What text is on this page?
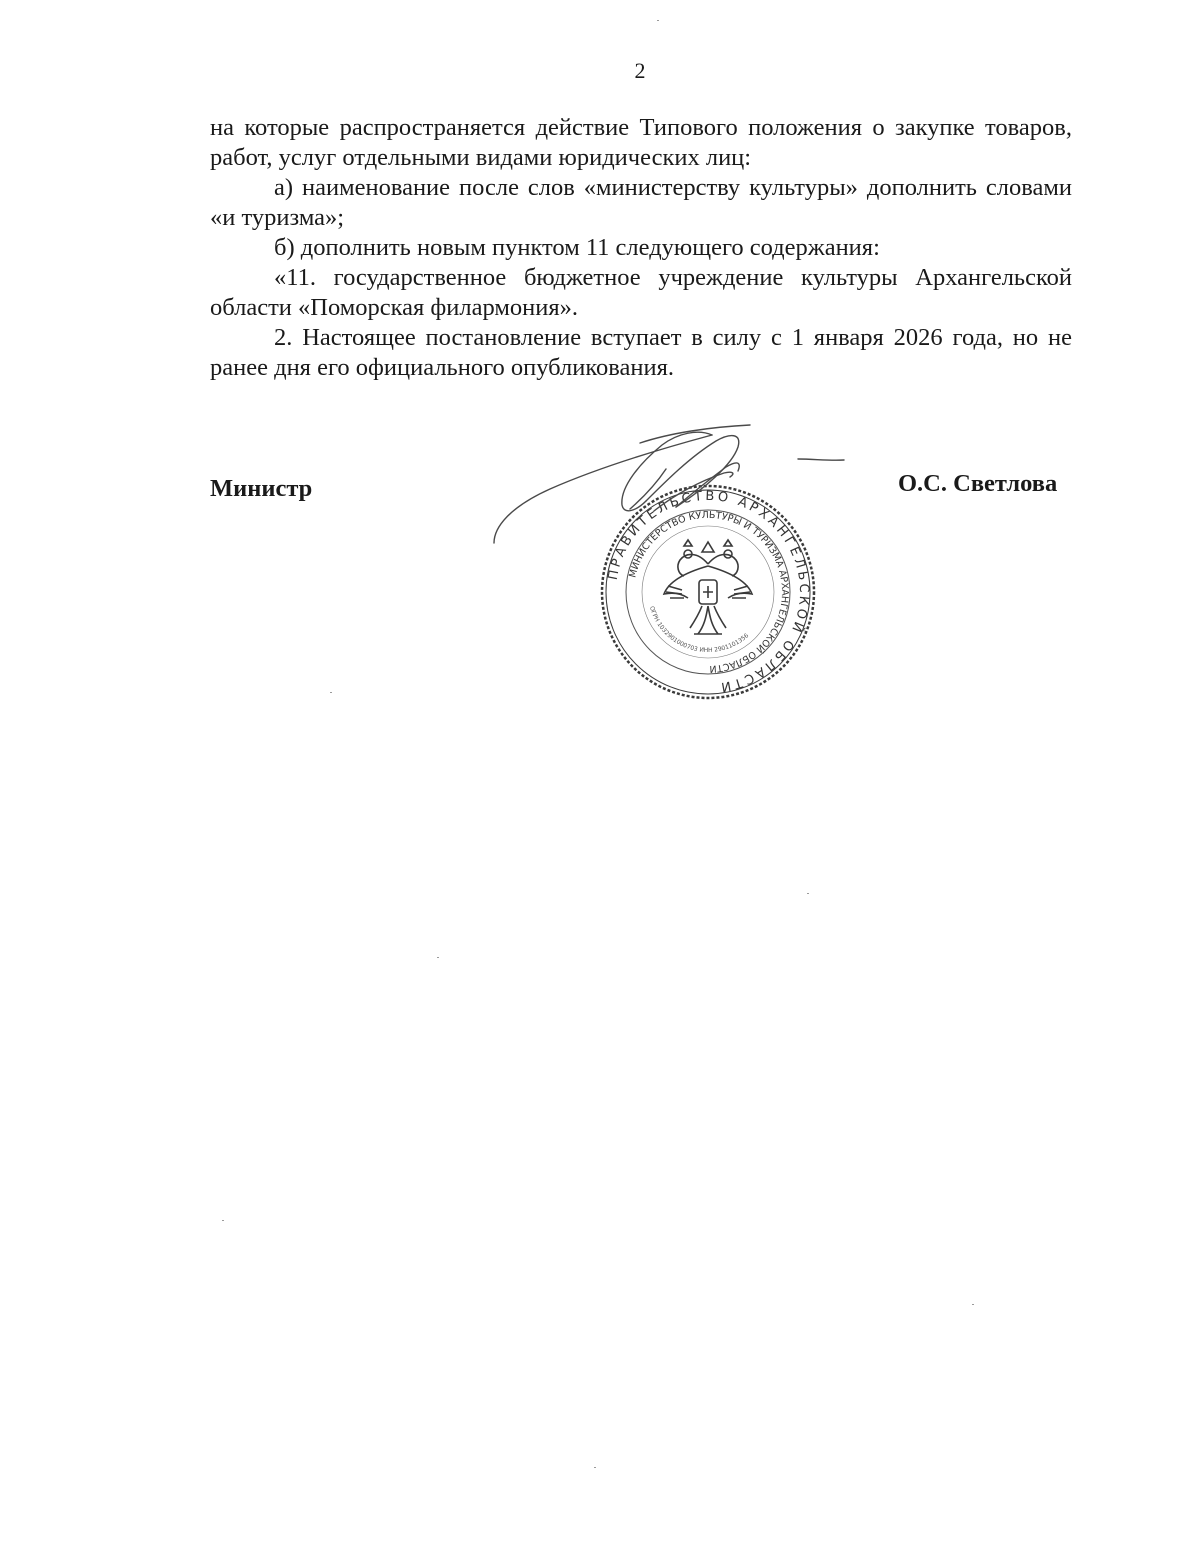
2

на которые распространяется действие Типового положения о закупке товаров, работ, услуг отдельными видами юридических лиц:

а) наименование после слов «министерству культуры» дополнить словами «и туризма»;

б) дополнить новым пунктом 11 следующего содержания:

«11. государственное бюджетное учреждение культуры Архангельской области «Поморская филармония».

2. Настоящее постановление вступает в силу с 1 января 2026 года, но не ранее дня его официального опубликования.

Министр	О.С. Светлова
ПРАВИТЕЛЬСТВО АРХАНГЕЛЬСКОЙ ОБЛАСТИ
МИНИСТЕРСТВО КУЛЬТУРЫ И ТУРИЗМА АРХАНГЕЛЬСКОЙ ОБЛАСТИ
ОГРН 1032901000703 ИНН 2901101356
